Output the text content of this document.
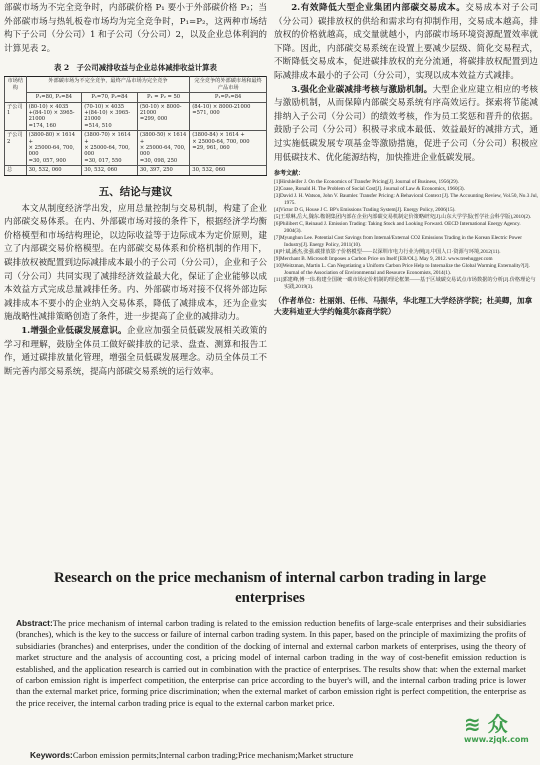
部碳市场为不完全竞争时，内部碳价格 P₁ 要小于外部碳价格 P₂；当外部碳市场与热轧板卷市场均为完全竞争时，P₁=P₂，这两种市场结构下子公司（分公司）1 和子公司（分公司）2，以及企业总体利润的计算见表 2。

表 2　子公司减排收益与企业总体减排收益计算表
市场结构	外部碳市场为不完全竞争，最终产品市场为完全竞争			完全竞争的外部碳市场和最终产品市场
	P₁=80, P₂=84	P₁=70, P₂=84	P₁ = P₂ = 50	P₁=P₂=84
子公司1	(80-10) × 4035
+(84-10) × 3965-21000
=174, 160	(70-10) × 4035
+(84-10) × 3965-21000
=514, 510	(50-10) × 8000-21000
=299, 000	(84-10) × 8000-21000
=571, 000
子公司2	(3800-80) × 1614 +
× 25000-64, 700, 000
=30, 057, 900	(3800-70) × 1614 +
× 25000-64, 700, 000
=30, 017, 550	(3800-50) × 1614 +
× 25000-64, 700, 000
=30, 098, 250	(3800-84) × 1614 +
× 25000-64, 700, 000
=29, 961, 060
总	30, 532, 060	30, 532, 060	30, 397, 250	30, 532, 060
五、结论与建议

本文从制度经济学出发，应用总量控制与交易机制，构建了企业内部碳交易体系。在内、外部碳市场对接的条件下，根据经济学均衡价格模型和市场结构理论，以边际收益等于边际成本为定价原则，建立了内部碳交易价格模型。在内部碳交易体系和价格机制的作用下，碳排放权被配置到边际减排成本最小的子公司（分公司），企业和子公司（分公司）共同实现了减排经济效益最大化，保证了企业能够以成本效益方式完成总量减排任务。内、外部碳市场对接不仅将外部边际减排成本不要小的企业纳入交易体系，降低了减排成本，还为企业实施战略性减排策略创造了条件，进一步提高了企业的减排动力。

1.增强企业低碳发展意识。企业应加强全员低碳发展相关政策的学习和理解，鼓励全体员工做好碳排放的记录、盘查、测算和报告工作，通过碳排放量化管理，增强全员低碳发展理念。动员全体员工不断完善内部交易系统，提高内部碳交易系统的运行效率。

2.有效降低大型企业集团内部碳交易成本。交易成本对子公司（分公司）碳排放权的供给和需求均有抑制作用，交易成本越高，排放权的价格就越高，成交量就越小，内部碳市场环境资源配置效率就下降。因此，内部碳交易系统在设置上要减少层级、简化交易程式，不断降低交易成本，促进碳排放权的充分流通，将碳排放权配置到边际减排成本最小的子公司（分公司），实现以成本效益方式减排。

3.强化企业碳减排考核与激励机制。大型企业应建立相应的考核与激励机制，从而保障内部碳交易系统有序高效运行。探索将节能减排纳入子公司（分公司）的绩效考核，作为员工奖惩和晋升的依据。鼓励子公司（分公司）积极寻求成本最低、效益最好的减排方式，通过实施低碳发展专项基金等激励措施，促进子公司（分公司）积极应用低碳技术、优化能源结构，加快推进企业低碳发展。

参考文献：
[1]Hirshleifer J. On the Economics of Transfer Pricing[J]. Journal of Business, 1956(29).
[2]Coase, Ronald H. The Problem of Social Cost[J]. Journal of Law & Economics, 1960(3).
[3]David J. H. Watson, John V. Baumler. Transfer Pricing: A Behavioral Context [J]. The Accounting Review, Vol.50, No.3 Jul, 1975.
[4]Victor D G, House J C. BP's Emissions Trading System[J]. Energy Policy, 2006(15).
[5]王璟琳,岳大,魏东.鞍钢集团内部在企业内部碳交易机制定价策略研究[J].山东大学学报(哲学社会科学版),2010(2).
[6]Philibert C, Reinaud J. Emission Trading: Taking Stock and Looking Forward. OECD International Energy Agency. 2004(3).
[7]Myunghun Lee. Potential Cost Savings from Internal/External CO2 Emissions Trading in the Korean Electric Power Industry[J]. Energy Policy, 2011(10).
[8]叶斌,潘杰,张强.碳排放影子价格模型——以深圳市电力行业为例[J].中国人口·资源与环境,2012(11).
[9]Merchant B. Microsoft Imposes a Carbon Price on Itself [EB/OL]. May 9, 2012. www.treehugger.com
[10]Weitzman, Martin L. Can Negotiating a Uniform Carbon Price Help to Internalize the Global Warming Externality?[J]. Journal of the Association of Environmental and Resource Economists, 2014(1).
[11]郭建峰,傅一玮.构建全国统一碳市场定价机制的理论框架——基于区域碳交易试点市场数据的分析[J].价格理论与实践,2019(3).

（作者单位：杜丽娟、任伟、马振华，华北理工大学经济学院；杜美卿，加拿大麦科迪亚大学约翰莫尔森商学院）

Research on the price mechanism of internal carbon trading in large enterprises

Abstract:The price mechanism of internal carbon trading is related to the emission reduction benefits of large-scale enterprises and their subsidiaries (branches), which is the key to the success or failure of internal carbon trading system. In this paper, based on the principle of maximizing the profits of subsidiaries (branches) and enterprises, under the condition of the docking of internal and external carbon markets of enterprises, using the theory of market structure and the analysis of accounting cost, a pricing model of internal carbon trading in the way of cost-benefit emission reduction is established, and the application research is carried out in combination with the practice of enterprises. The results show that: when the external market of carbon emission right is imperfect competition, the enterprise can price according to the buyer's will, and the internal carbon trading price is lower than the external market price, forming price discrimination; when the external market of carbon emission right is perfect competition, the enterprise as the price receiver, the internal carbon trading price is equal to the external carbon market price.

Keywords:Carbon emission permits;Internal carbon trading;Price mechanism;Market structure

≋ 众
www.zjqk.com
